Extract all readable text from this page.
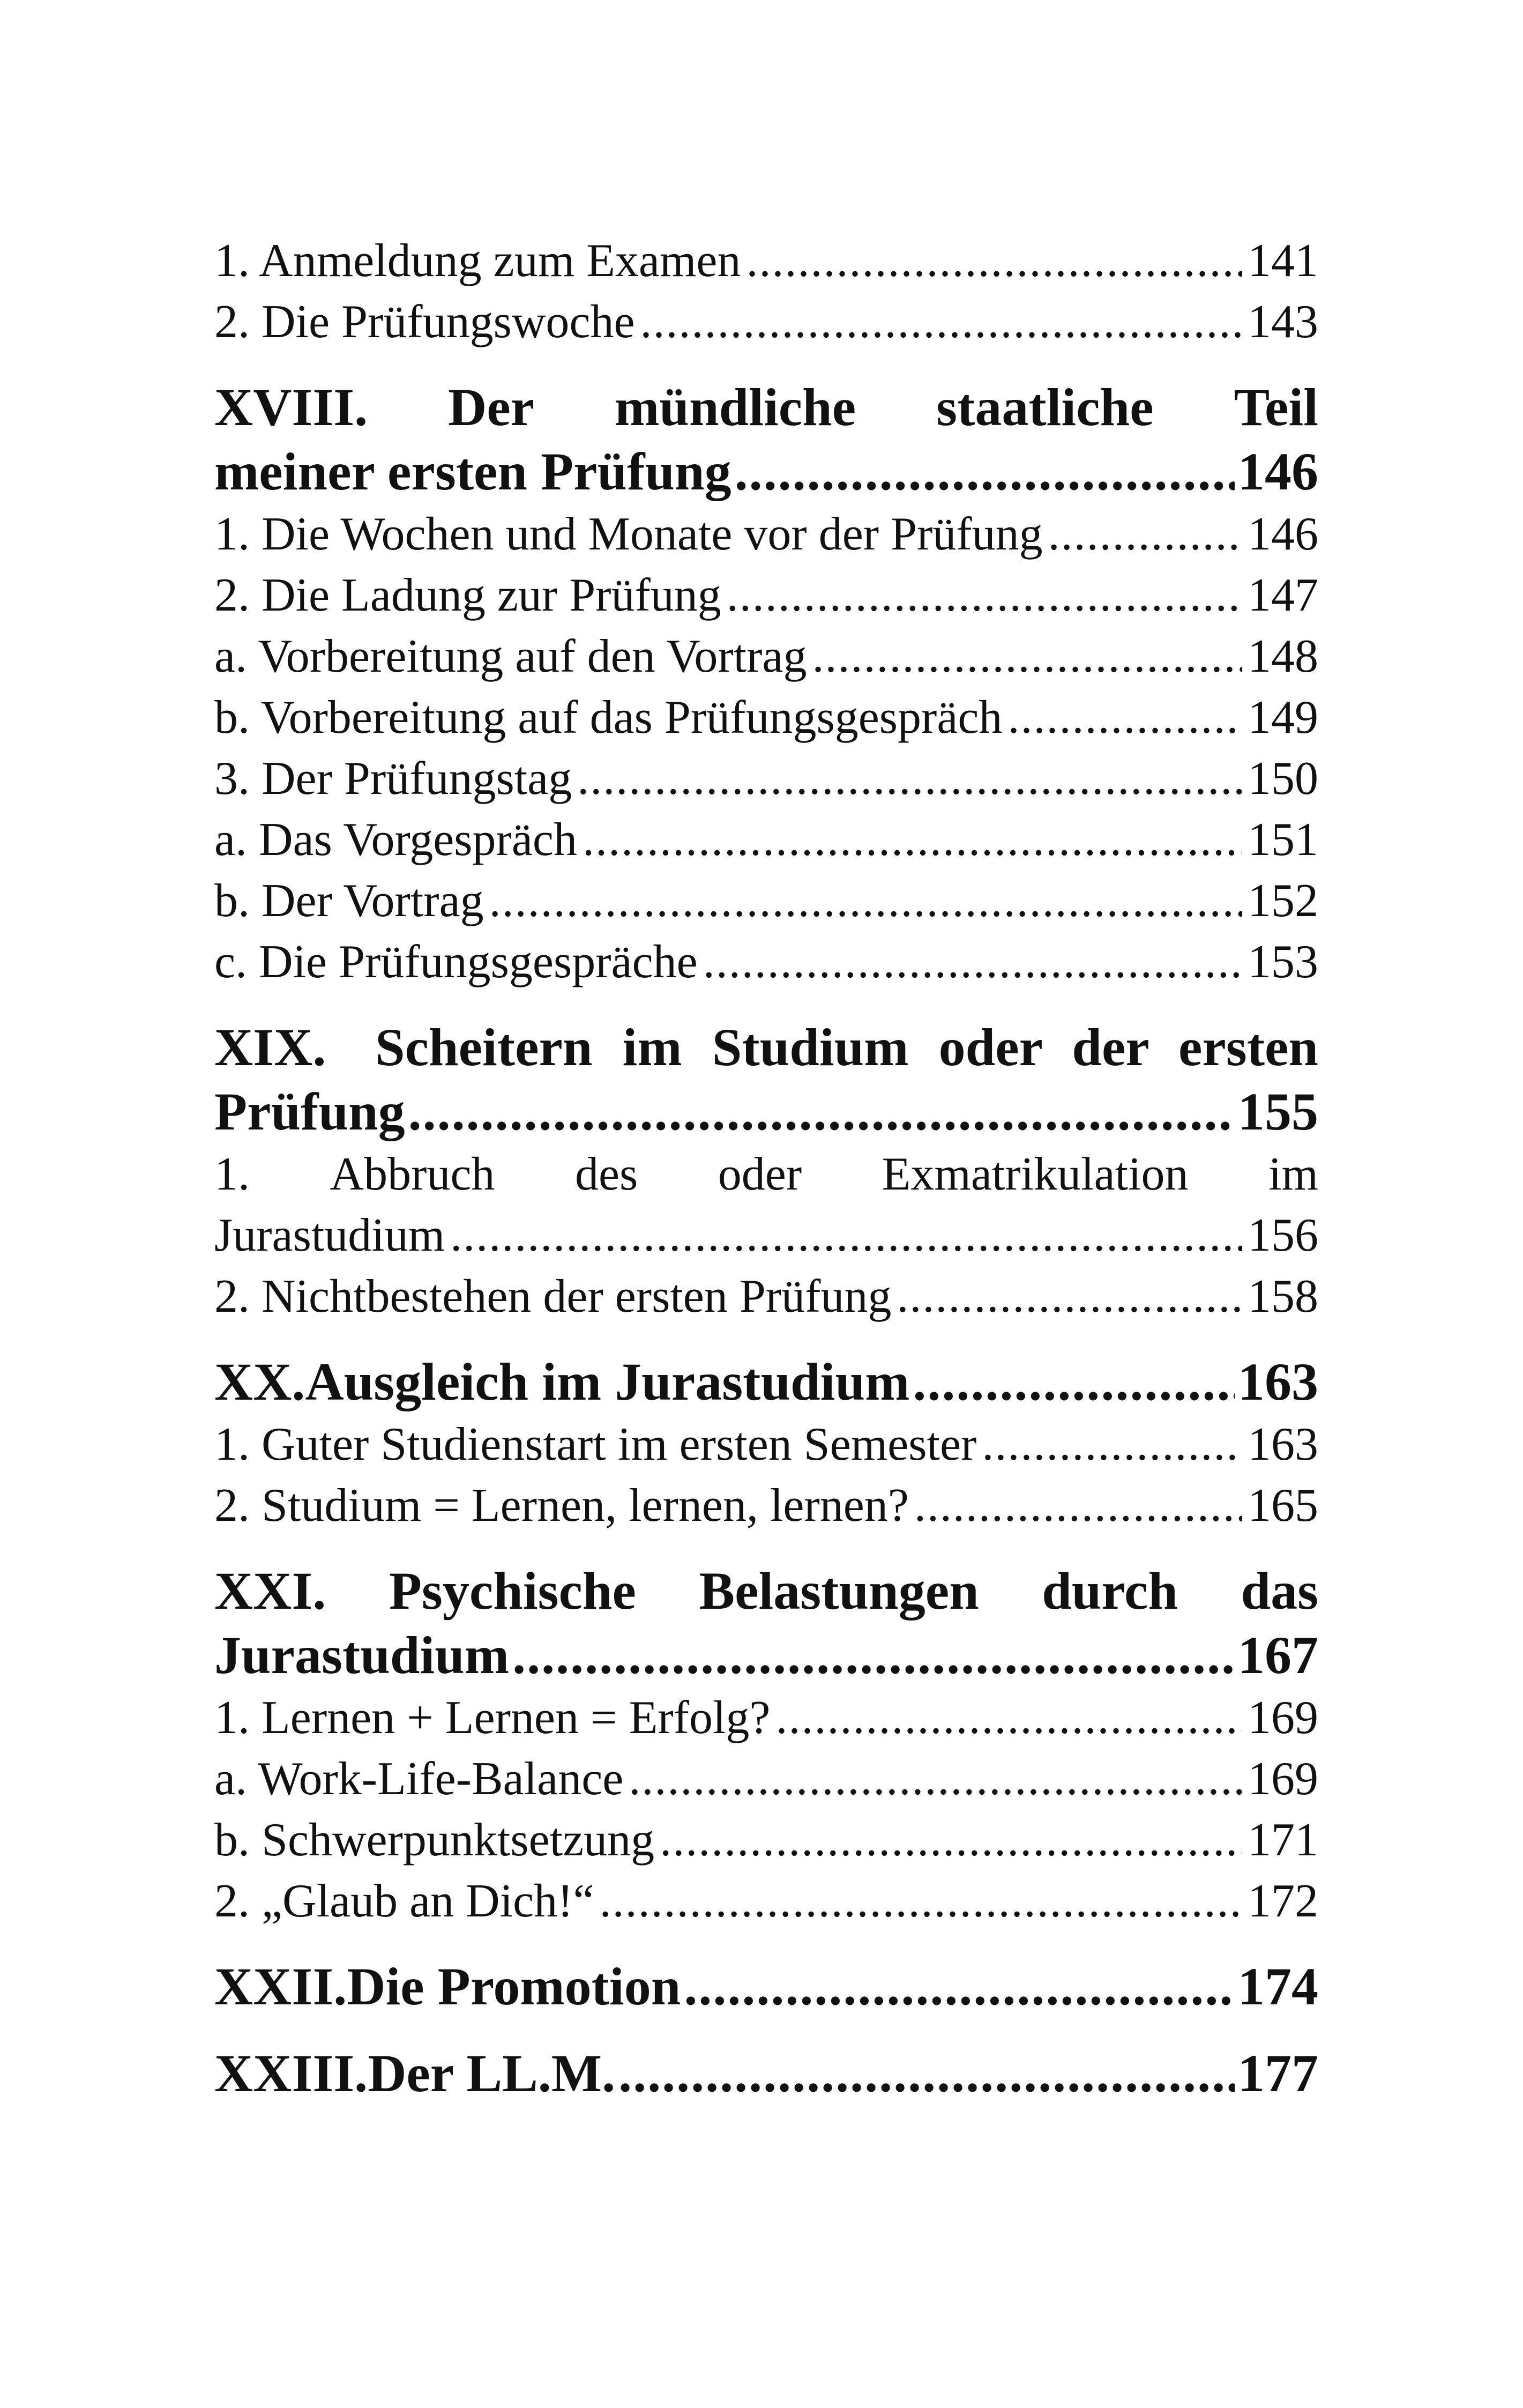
1. Anmeldung zum Examen .....	141
2. Die Prüfungswoche .....	143
XVIII. Der mündliche staatliche Teil
meiner ersten Prüfung .....	146
1. Die Wochen und Monate vor der Prüfung .....	146
2. Die Ladung zur Prüfung .....	147
a. Vorbereitung auf den Vortrag .....	148
b. Vorbereitung auf das Prüfungsgespräch .....	149
3. Der Prüfungstag .....	150
a. Das Vorgespräch .....	151
b. Der Vortrag .....	152
c. Die Prüfungsgespräche .....	153
XIX. Scheitern im Studium oder der ersten
Prüfung .....	155
1. Abbruch des oder Exmatrikulation im
Jurastudium .....	156
2. Nichtbestehen der ersten Prüfung .....	158
XX. Ausgleich im Jurastudium .....	163
1. Guter Studienstart im ersten Semester .....	163
2. Studium = Lernen, lernen, lernen? .....	165
XXI. Psychische Belastungen durch das
Jurastudium .....	167
1. Lernen + Lernen = Erfolg? .....	169
a. Work-Life-Balance .....	169
b. Schwerpunktsetzung .....	171
2. „Glaub an Dich!“ .....	172
XXII. Die Promotion .....	174
XXIII. Der LL.M. .....	177
